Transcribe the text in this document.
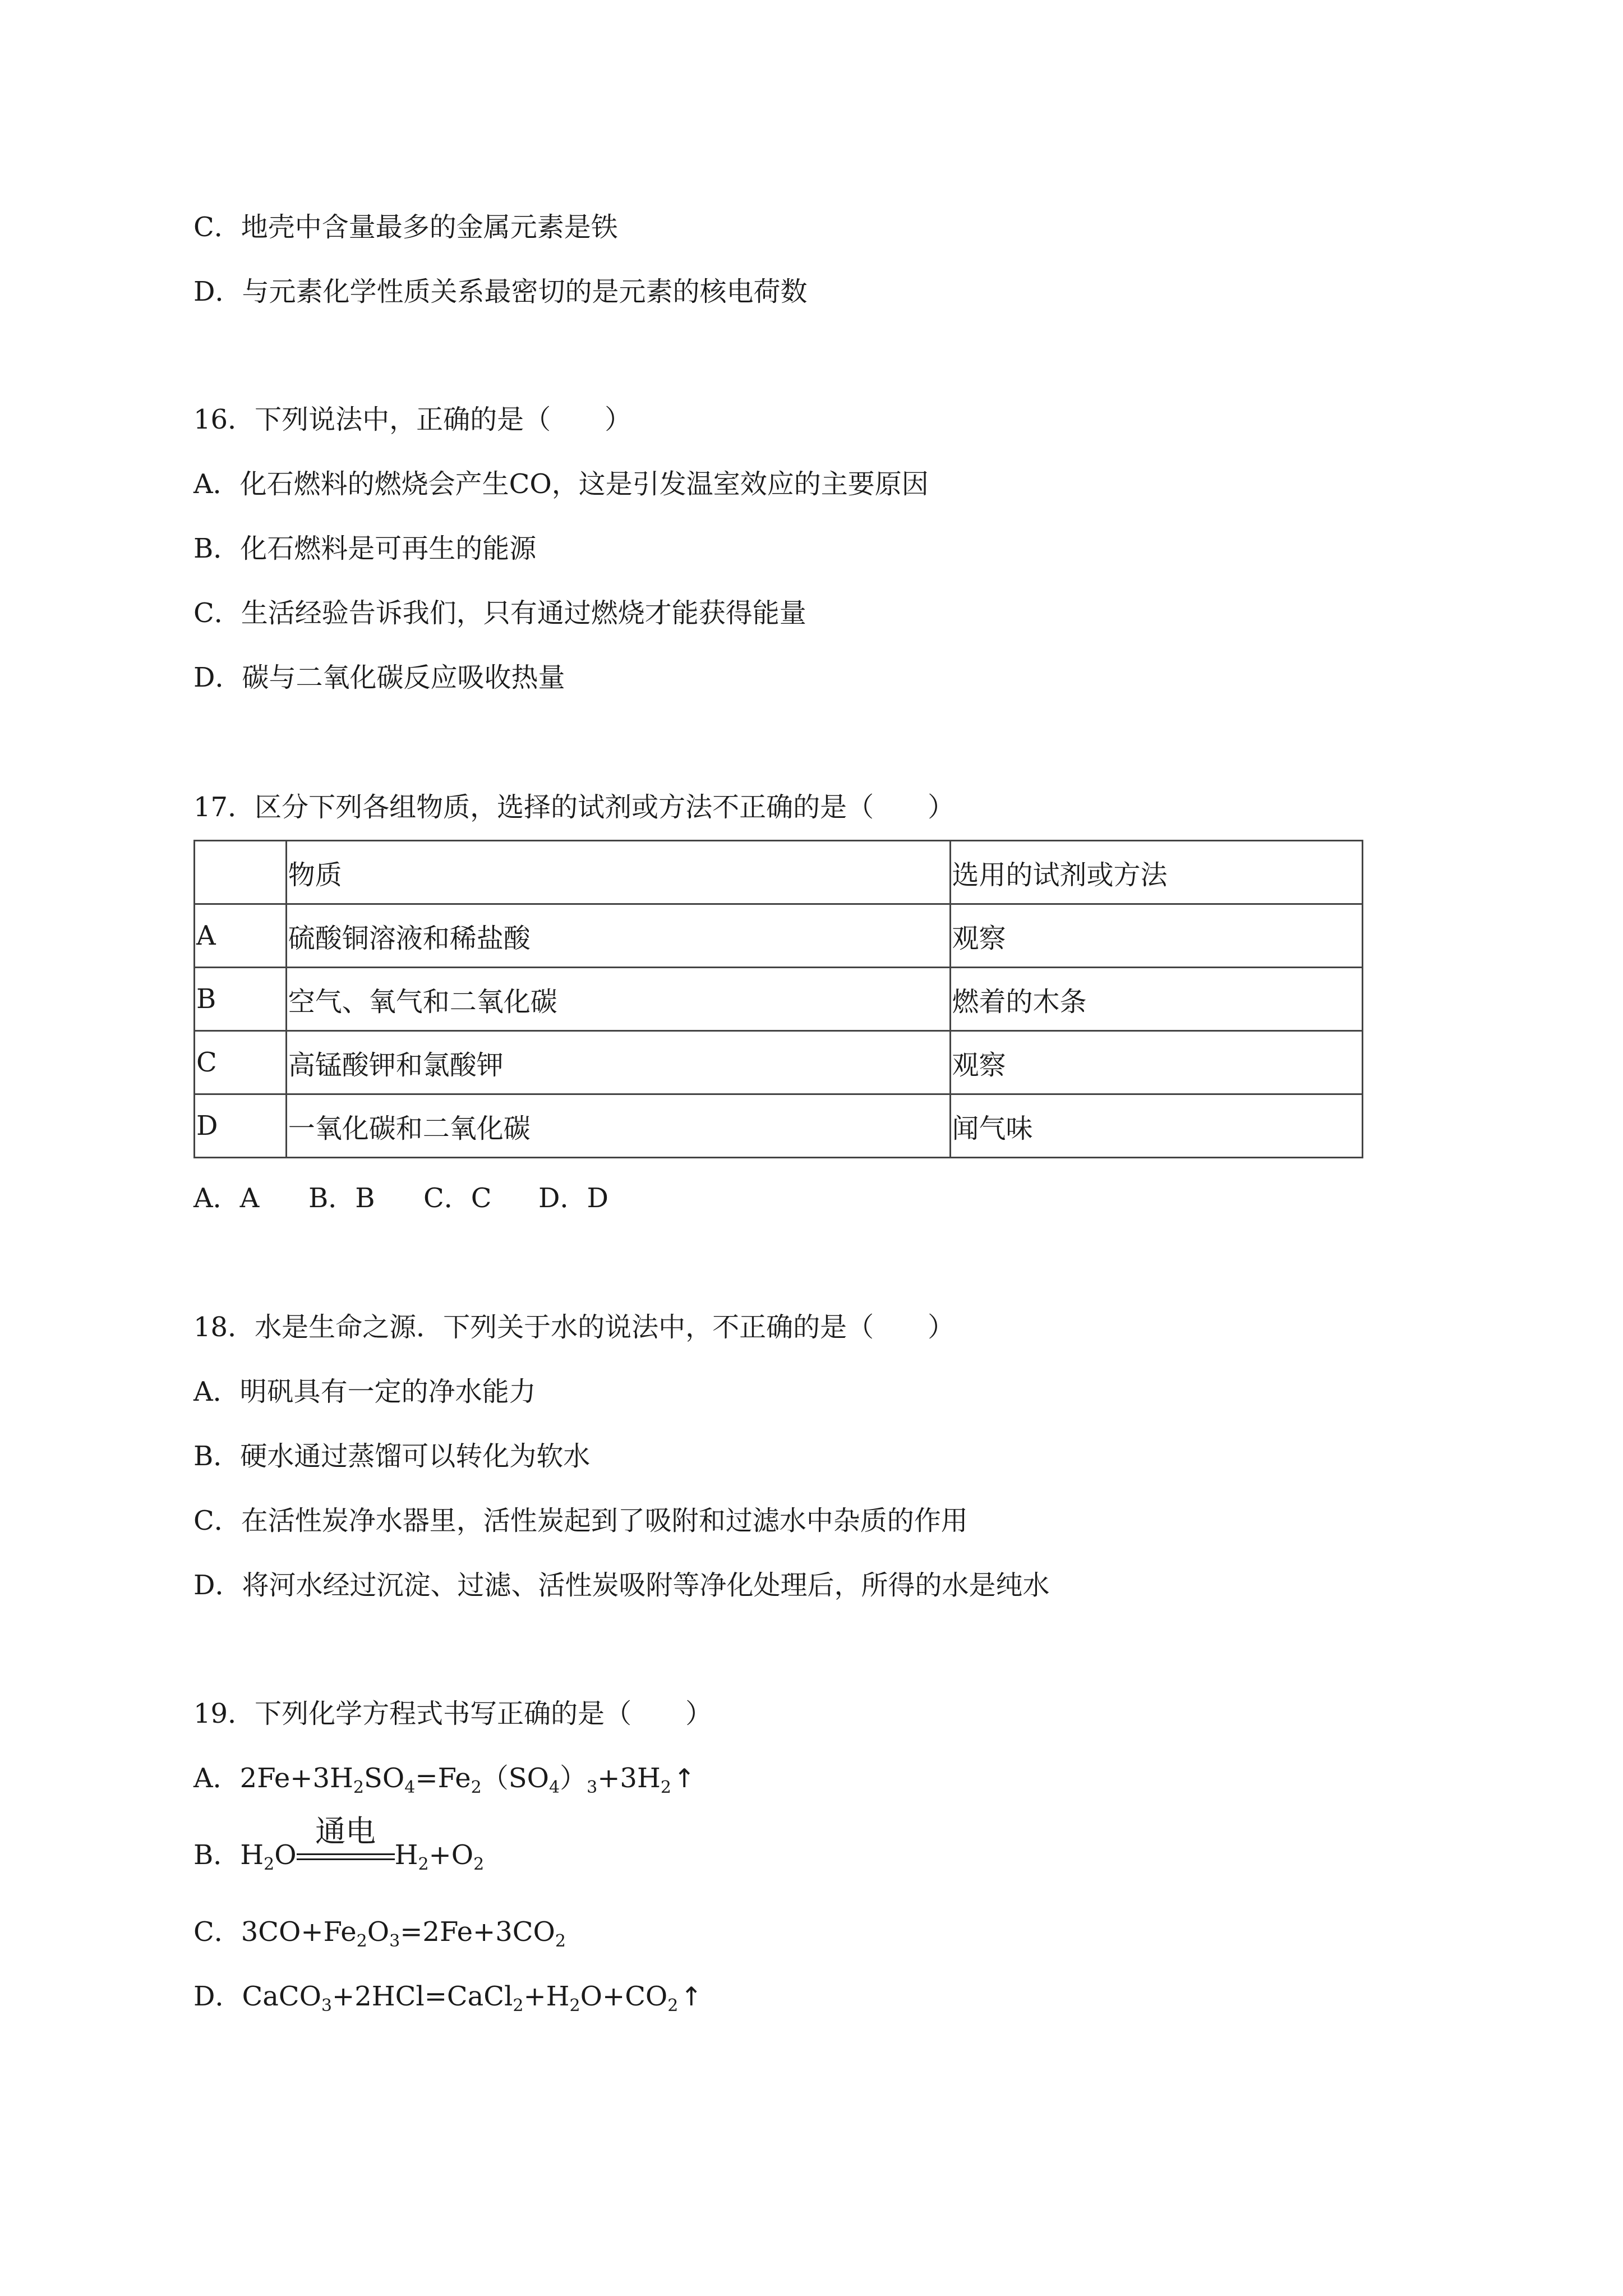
C．地壳中含量最多的金属元素是铁

D．与元素化学性质关系最密切的是元素的核电荷数

16．下列说法中，正确的是（　　）

A．化石燃料的燃烧会产生CO，这是引发温室效应的主要原因

B．化石燃料是可再生的能源

C．生活经验告诉我们，只有通过燃烧才能获得能量

D．碳与二氧化碳反应吸收热量

17．区分下列各组物质，选择的试剂或方法不正确的是（　　）

	物质	选用的试剂或方法
A	硫酸铜溶液和稀盐酸	观察
B	空气、氧气和二氧化碳	燃着的木条
C	高锰酸钾和氯酸钾	观察
D	一氧化碳和二氧化碳	闻气味

A．A B．B C．C D．D

18．水是生命之源．下列关于水的说法中，不正确的是（　　）

A．明矾具有一定的净水能力

B．硬水通过蒸馏可以转化为软水

C．在活性炭净水器里，活性炭起到了吸附和过滤水中杂质的作用

D．将河水经过沉淀、过滤、活性炭吸附等净化处理后，所得的水是纯水

19．下列化学方程式书写正确的是（　　）

A．$2Fe+3H_2SO_4=Fe_2(SO_4)_3+3H_2↑$

B．$H_2O$
通电
$H_2+O_2$

C．$3CO+Fe_2O_3=2Fe+3CO_2$

D．$CaCO_3+2HCl=CaCl_2+H_2O+CO_2↑$
